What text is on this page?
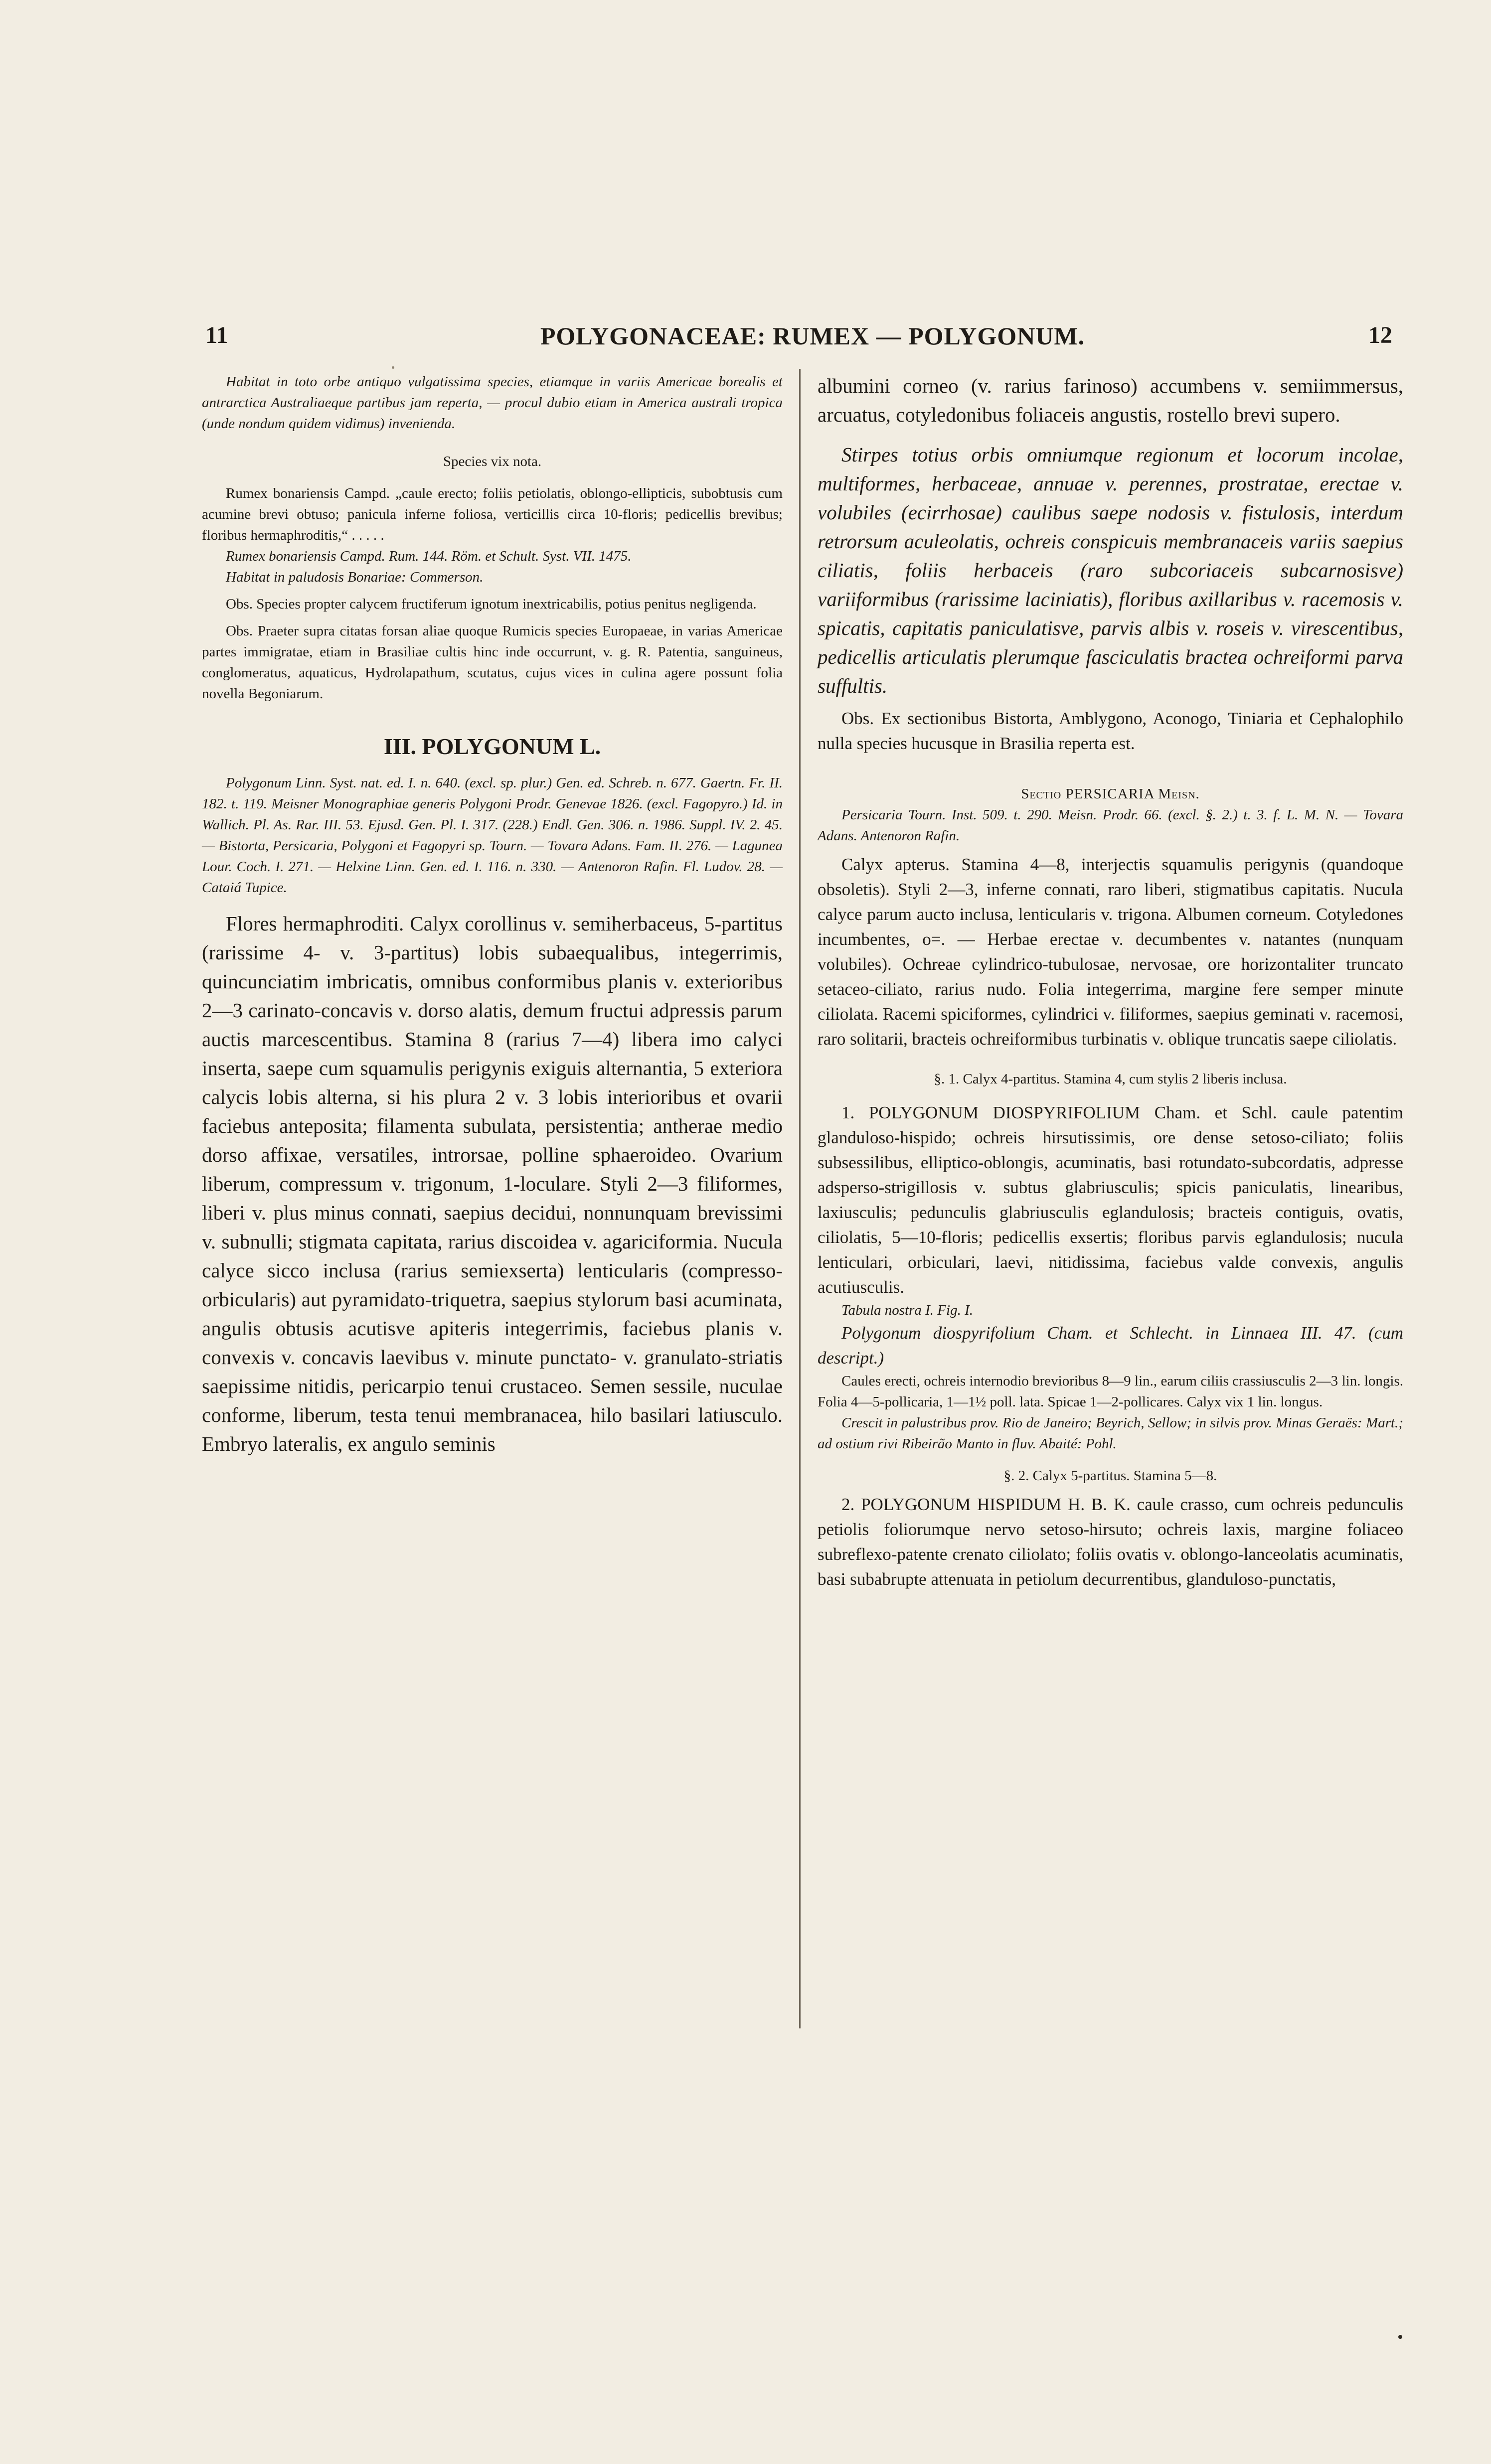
11	POLYGONACEAE: RUMEX — POLYGONUM.	12

Habitat in toto orbe antiquo vulgatissima species, etiamque in variis Americae borealis et antrarctica Australiaeque partibus jam reperta, — procul dubio etiam in America australi tropica (unde nondum quidem vidimus) invenienda.

Species vix nota.

Rumex bonariensis Campd. „caule erecto; foliis petiolatis, oblongo-ellipticis, subobtusis cum acumine brevi obtuso; panicula inferne foliosa, verticillis circa 10-floris; pedicellis brevibus; floribus hermaphroditis,“ . . . . .

Rumex bonariensis Campd. Rum. 144. Röm. et Schult. Syst. VII. 1475.

Habitat in paludosis Bonariae: Commerson.

Obs. Species propter calycem fructiferum ignotum inextricabilis, potius penitus negligenda.

Obs. Praeter supra citatas forsan aliae quoque Rumicis species Europaeae, in varias Americae partes immigratae, etiam in Brasiliae cultis hinc inde occurrunt, v. g. R. Patentia, sanguineus, conglomeratus, aquaticus, Hydrolapathum, scutatus, cujus vices in culina agere possunt folia novella Begoniarum.

III. POLYGONUM L.

Polygonum Linn. Syst. nat. ed. I. n. 640. (excl. sp. plur.) Gen. ed. Schreb. n. 677. Gaertn. Fr. II. 182. t. 119. Meisner Monographiae generis Polygoni Prodr. Genevae 1826. (excl. Fagopyro.) Id. in Wallich. Pl. As. Rar. III. 53. Ejusd. Gen. Pl. I. 317. (228.) Endl. Gen. 306. n. 1986. Suppl. IV. 2. 45. — Bistorta, Persicaria, Polygoni et Fagopyri sp. Tourn. — Tovara Adans. Fam. II. 276. — Lagunea Lour. Coch. I. 271. — Helxine Linn. Gen. ed. I. 116. n. 330. — Antenoron Rafin. Fl. Ludov. 28. — Cataiá Tupice.

Flores hermaphroditi. Calyx corollinus v. semiherbaceus, 5-partitus (rarissime 4- v. 3-partitus) lobis subaequalibus, integerrimis, quincunciatim imbricatis, omnibus conformibus planis v. exterioribus 2—3 carinato-concavis v. dorso alatis, demum fructui adpressis parum auctis marcescentibus. Stamina 8 (rarius 7—4) libera imo calyci inserta, saepe cum squamulis perigynis exiguis alternantia, 5 exteriora calycis lobis alterna, si his plura 2 v. 3 lobis interioribus et ovarii faciebus anteposita; filamenta subulata, persistentia; antherae medio dorso affixae, versatiles, introrsae, polline sphaeroideo. Ovarium liberum, compressum v. trigonum, 1-loculare. Styli 2—3 filiformes, liberi v. plus minus connati, saepius decidui, nonnunquam brevissimi v. subnulli; stigmata capitata, rarius discoidea v. agariciformia. Nucula calyce sicco inclusa (rarius semiexserta) lenticularis (compresso-orbicularis) aut pyramidato-triquetra, saepius stylorum basi acuminata, angulis obtusis acutisve apiteris integerrimis, faciebus planis v. convexis v. concavis laevibus v. minute punctato- v. granulato-striatis saepissime nitidis, pericarpio tenui crustaceo. Semen sessile, nuculae conforme, liberum, testa tenui membranacea, hilo basilari latiusculo. Embryo lateralis, ex angulo seminis

albumini corneo (v. rarius farinoso) accumbens v. semiimmersus, arcuatus, cotyledonibus foliaceis angustis, rostello brevi supero.

Stirpes totius orbis omniumque regionum et locorum incolae, multiformes, herbaceae, annuae v. perennes, prostratae, erectae v. volubiles (ecirrhosae) caulibus saepe nodosis v. fistulosis, interdum retrorsum aculeolatis, ochreis conspicuis membranaceis variis saepius ciliatis, foliis herbaceis (raro subcoriaceis subcarnosisve) variiformibus (rarissime laciniatis), floribus axillaribus v. racemosis v. spicatis, capitatis paniculatisve, parvis albis v. roseis v. virescentibus, pedicellis articulatis plerumque fasciculatis bractea ochreiformi parva suffultis.

Obs. Ex sectionibus Bistorta, Amblygono, Aconogo, Tiniaria et Cephalophilo nulla species hucusque in Brasilia reperta est.

Sectio PERSICARIA Meisn.

Persicaria Tourn. Inst. 509. t. 290. Meisn. Prodr. 66. (excl. §. 2.) t. 3. f. L. M. N. — Tovara Adans. Antenoron Rafin.

Calyx apterus. Stamina 4—8, interjectis squamulis perigynis (quandoque obsoletis). Styli 2—3, inferne connati, raro liberi, stigmatibus capitatis. Nucula calyce parum aucto inclusa, lenticularis v. trigona. Albumen corneum. Cotyledones incumbentes, o=. — Herbae erectae v. decumbentes v. natantes (nunquam volubiles). Ochreae cylindrico-tubulosae, nervosae, ore horizontaliter truncato setaceo-ciliato, rarius nudo. Folia integerrima, margine fere semper minute ciliolata. Racemi spiciformes, cylindrici v. filiformes, saepius geminati v. racemosi, raro solitarii, bracteis ochreiformibus turbinatis v. oblique truncatis saepe ciliolatis.

§. 1. Calyx 4-partitus. Stamina 4, cum stylis 2 liberis inclusa.

1. POLYGONUM DIOSPYRIFOLIUM Cham. et Schl. caule patentim glanduloso-hispido; ochreis hirsutissimis, ore dense setoso-ciliato; foliis subsessilibus, elliptico-oblongis, acuminatis, basi rotundato-subcordatis, adpresse adsperso-strigillosis v. subtus glabriusculis; spicis paniculatis, linearibus, laxiusculis; pedunculis glabriusculis eglandulosis; bracteis contiguis, ovatis, ciliolatis, 5—10-floris; pedicellis exsertis; floribus parvis eglandulosis; nucula lenticulari, orbiculari, laevi, nitidissima, faciebus valde convexis, angulis acutiusculis.

Tabula nostra I. Fig. I.

Polygonum diospyrifolium Cham. et Schlecht. in Linnaea III. 47. (cum descript.)

Caules erecti, ochreis internodio brevioribus 8—9 lin., earum ciliis crassiusculis 2—3 lin. longis. Folia 4—5-pollicaria, 1—1½ poll. lata. Spicae 1—2-pollicares. Calyx vix 1 lin. longus.

Crescit in palustribus prov. Rio de Janeiro; Beyrich, Sellow; in silvis prov. Minas Geraës: Mart.; ad ostium rivi Ribeirão Manto in fluv. Abaité: Pohl.

§. 2. Calyx 5-partitus. Stamina 5—8.

2. POLYGONUM HISPIDUM H. B. K. caule crasso, cum ochreis pedunculis petiolis foliorumque nervo setoso-hirsuto; ochreis laxis, margine foliaceo subreflexo-patente crenato ciliolato; foliis ovatis v. oblongo-lanceolatis acuminatis, basi subabrupte attenuata in petiolum decurrentibus, glanduloso-punctatis,
